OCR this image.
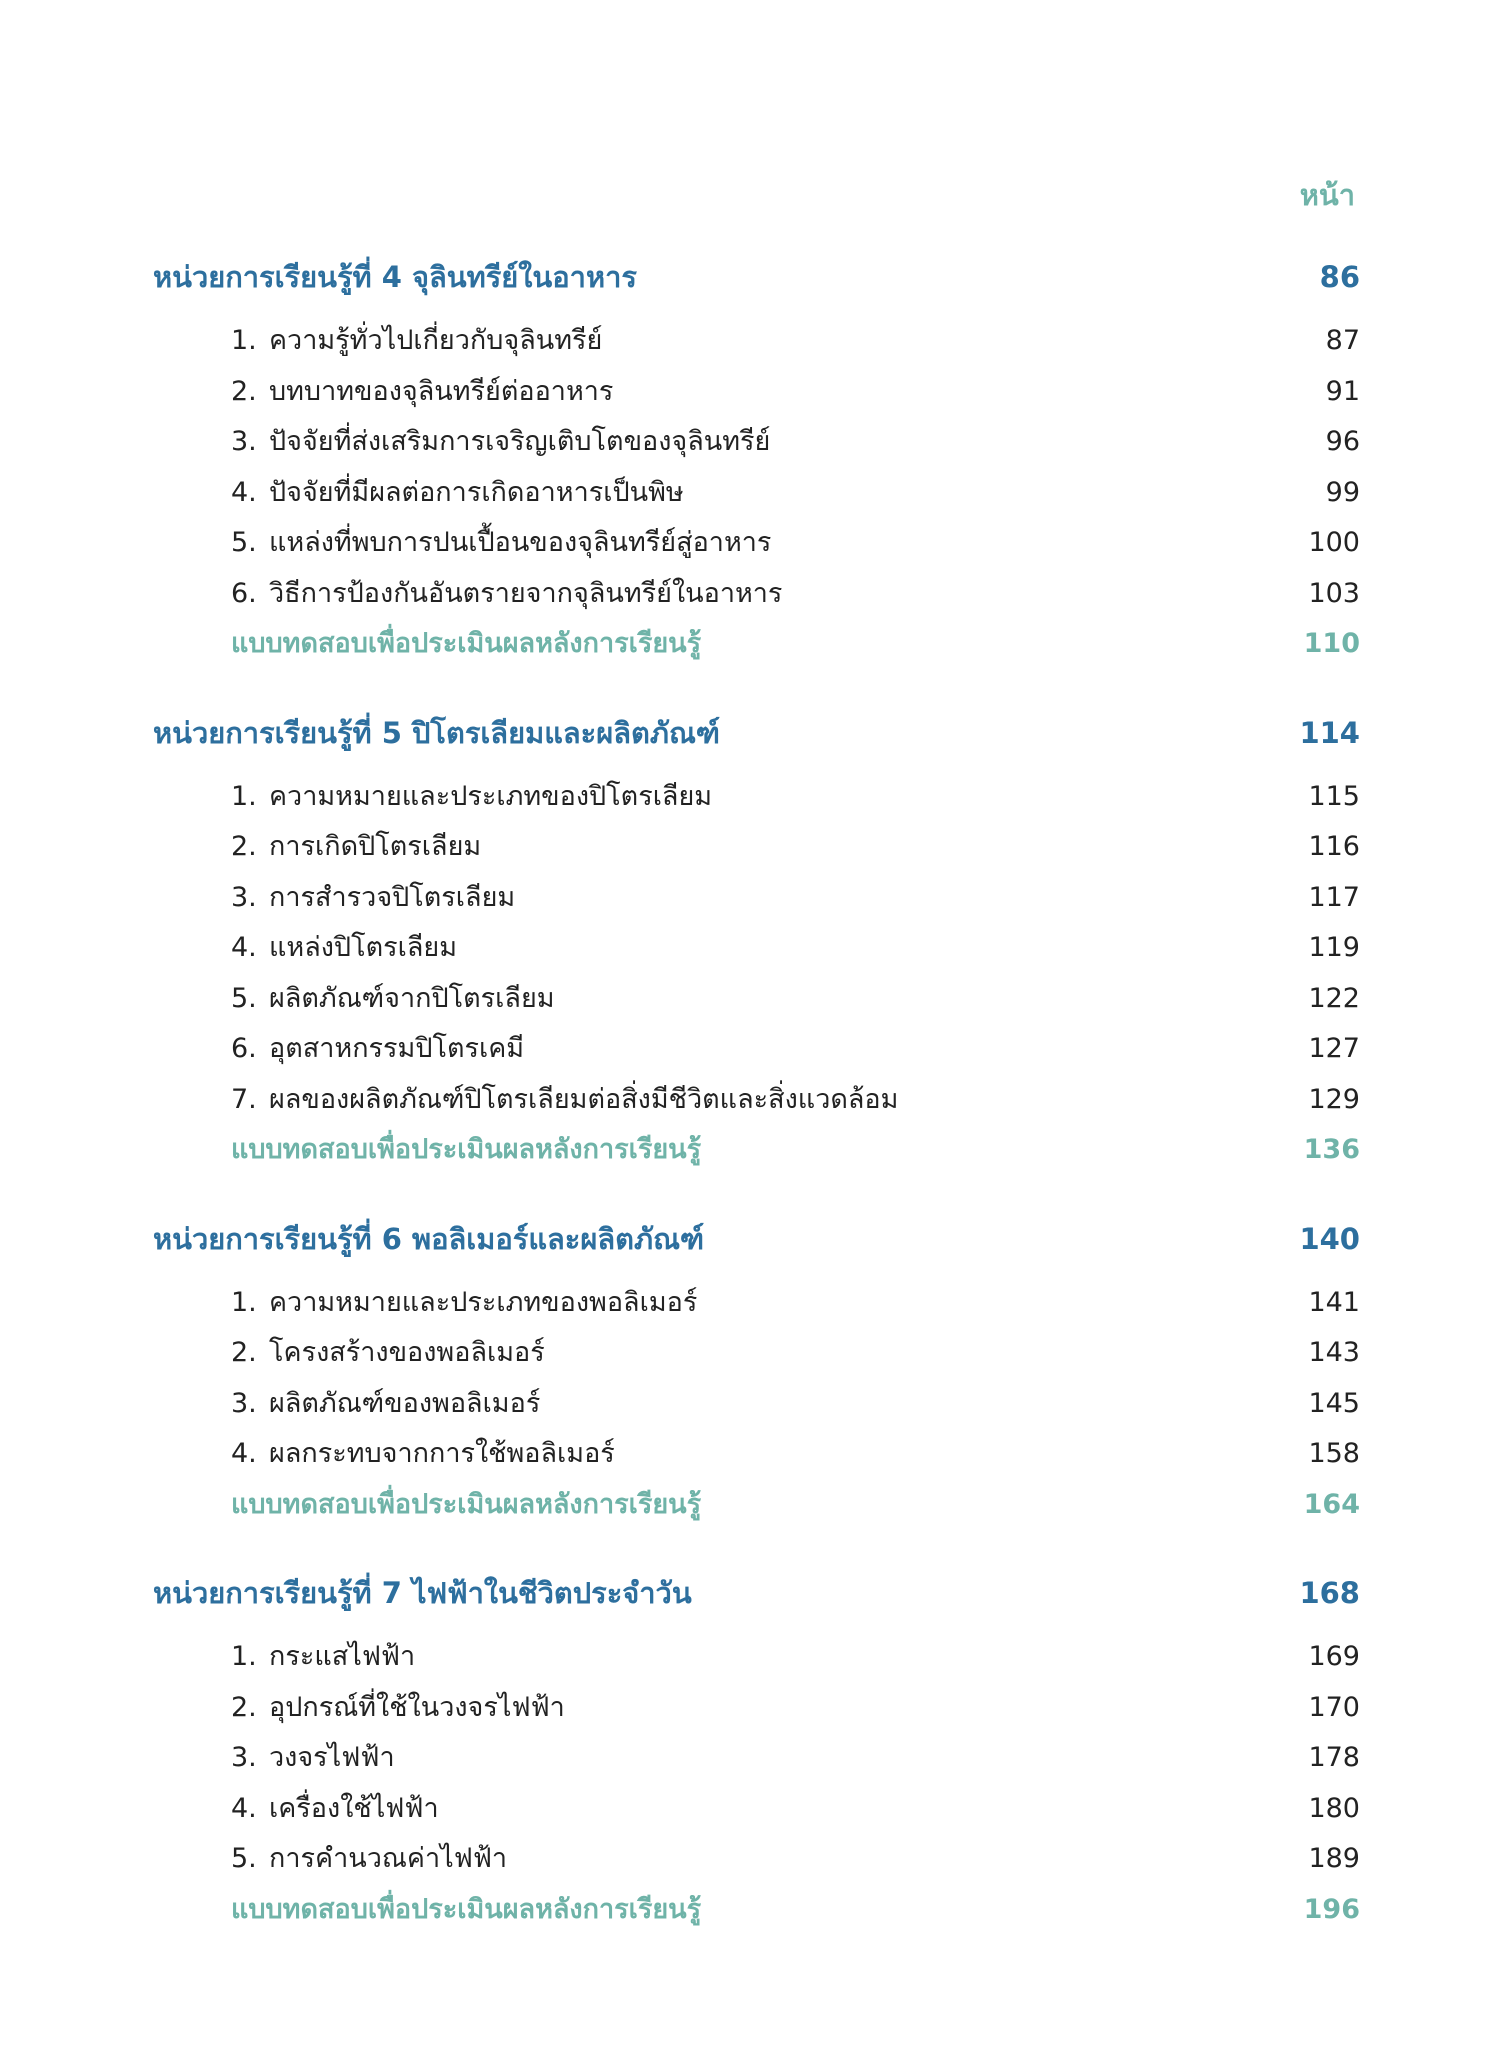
หน้า
หน่วยการเรียนรู้ที่ 4 จุลินทรีย์ในอาหาร	86
1. ความรู้ทั่วไปเกี่ยวกับจุลินทรีย์	87
2. บทบาทของจุลินทรีย์ต่ออาหาร	91
3. ปัจจัยที่ส่งเสริมการเจริญเติบโตของจุลินทรีย์	96
4. ปัจจัยที่มีผลต่อการเกิดอาหารเป็นพิษ	99
5. แหล่งที่พบการปนเปื้อนของจุลินทรีย์สู่อาหาร	100
6. วิธีการป้องกันอันตรายจากจุลินทรีย์ในอาหาร	103
แบบทดสอบเพื่อประเมินผลหลังการเรียนรู้	110
หน่วยการเรียนรู้ที่ 5 ปิโตรเลียมและผลิตภัณฑ์	114
1. ความหมายและประเภทของปิโตรเลียม	115
2. การเกิดปิโตรเลียม	116
3. การสำรวจปิโตรเลียม	117
4. แหล่งปิโตรเลียม	119
5. ผลิตภัณฑ์จากปิโตรเลียม	122
6. อุตสาหกรรมปิโตรเคมี	127
7. ผลของผลิตภัณฑ์ปิโตรเลียมต่อสิ่งมีชีวิตและสิ่งแวดล้อม	129
แบบทดสอบเพื่อประเมินผลหลังการเรียนรู้	136
หน่วยการเรียนรู้ที่ 6 พอลิเมอร์และผลิตภัณฑ์	140
1. ความหมายและประเภทของพอลิเมอร์	141
2. โครงสร้างของพอลิเมอร์	143
3. ผลิตภัณฑ์ของพอลิเมอร์	145
4. ผลกระทบจากการใช้พอลิเมอร์	158
แบบทดสอบเพื่อประเมินผลหลังการเรียนรู้	164
หน่วยการเรียนรู้ที่ 7 ไฟฟ้าในชีวิตประจำวัน	168
1. กระแสไฟฟ้า	169
2. อุปกรณ์ที่ใช้ในวงจรไฟฟ้า	170
3. วงจรไฟฟ้า	178
4. เครื่องใช้ไฟฟ้า	180
5. การคำนวณค่าไฟฟ้า	189
แบบทดสอบเพื่อประเมินผลหลังการเรียนรู้	196
